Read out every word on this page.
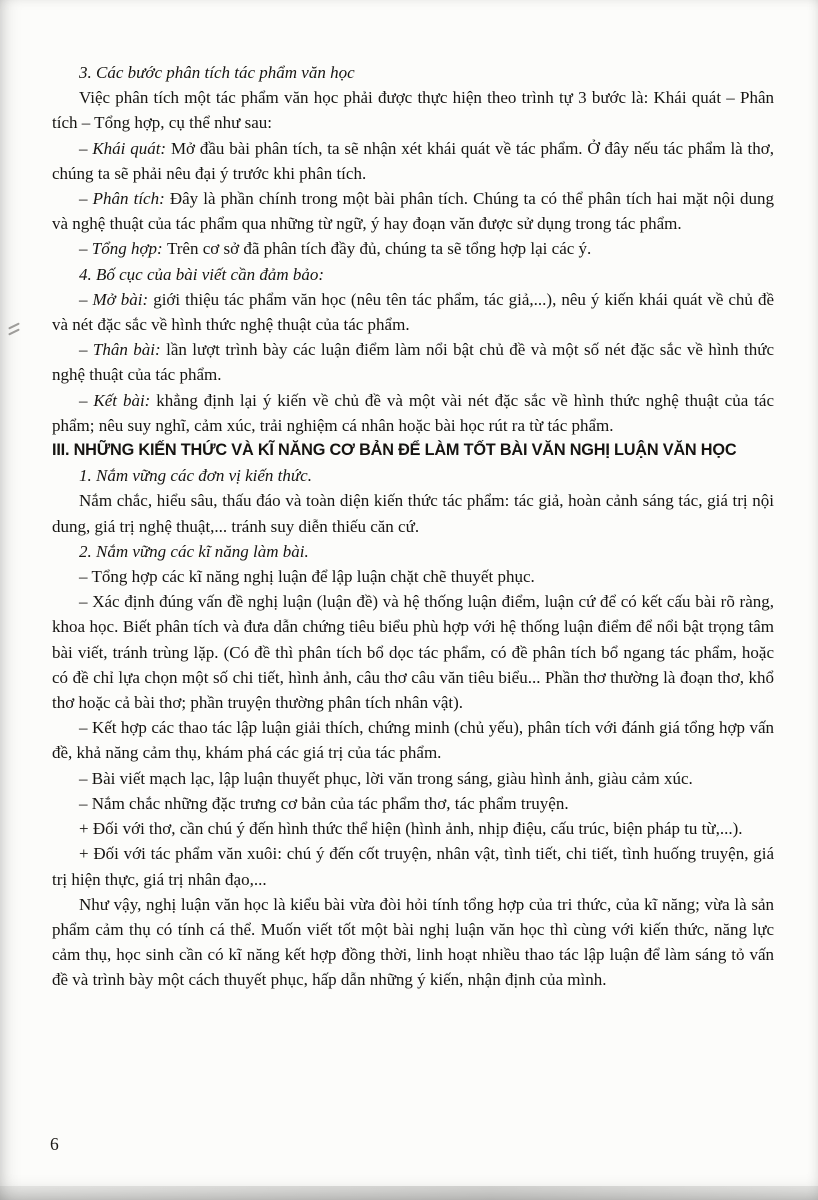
3. Các bước phân tích tác phẩm văn học

Việc phân tích một tác phẩm văn học phải được thực hiện theo trình tự 3 bước là: Khái quát – Phân tích – Tổng hợp, cụ thể như sau:

– Khái quát: Mở đầu bài phân tích, ta sẽ nhận xét khái quát về tác phẩm. Ở đây nếu tác phẩm là thơ, chúng ta sẽ phải nêu đại ý trước khi phân tích.

– Phân tích: Đây là phần chính trong một bài phân tích. Chúng ta có thể phân tích hai mặt nội dung và nghệ thuật của tác phẩm qua những từ ngữ, ý hay đoạn văn được sử dụng trong tác phẩm.

– Tổng hợp: Trên cơ sở đã phân tích đầy đủ, chúng ta sẽ tổng hợp lại các ý.

4. Bố cục của bài viết cần đảm bảo:

– Mở bài: giới thiệu tác phẩm văn học (nêu tên tác phẩm, tác giả,...), nêu ý kiến khái quát về chủ đề và nét đặc sắc về hình thức nghệ thuật của tác phẩm.

– Thân bài: lần lượt trình bày các luận điểm làm nổi bật chủ đề và một số nét đặc sắc về hình thức nghệ thuật của tác phẩm.

– Kết bài: khẳng định lại ý kiến về chủ đề và một vài nét đặc sắc về hình thức nghệ thuật của tác phẩm; nêu suy nghĩ, cảm xúc, trải nghiệm cá nhân hoặc bài học rút ra từ tác phẩm.

III. NHỮNG KIẾN THỨC VÀ KĨ NĂNG CƠ BẢN ĐỂ LÀM TỐT BÀI VĂN NGHỊ LUẬN VĂN HỌC

1. Nắm vững các đơn vị kiến thức.

Nắm chắc, hiểu sâu, thấu đáo và toàn diện kiến thức tác phẩm: tác giả, hoàn cảnh sáng tác, giá trị nội dung, giá trị nghệ thuật,... tránh suy diễn thiếu căn cứ.

2. Nắm vững các kĩ năng làm bài.

– Tổng hợp các kĩ năng nghị luận để lập luận chặt chẽ thuyết phục.

– Xác định đúng vấn đề nghị luận (luận đề) và hệ thống luận điểm, luận cứ để có kết cấu bài rõ ràng, khoa học. Biết phân tích và đưa dẫn chứng tiêu biểu phù hợp với hệ thống luận điểm để nổi bật trọng tâm bài viết, tránh trùng lặp. (Có đề thì phân tích bổ dọc tác phẩm, có đề phân tích bổ ngang tác phẩm, hoặc có đề chỉ lựa chọn một số chi tiết, hình ảnh, câu thơ câu văn tiêu biểu... Phần thơ thường là đoạn thơ, khổ thơ hoặc cả bài thơ; phần truyện thường phân tích nhân vật).

– Kết hợp các thao tác lập luận giải thích, chứng minh (chủ yếu), phân tích với đánh giá tổng hợp vấn đề, khả năng cảm thụ, khám phá các giá trị của tác phẩm.

– Bài viết mạch lạc, lập luận thuyết phục, lời văn trong sáng, giàu hình ảnh, giàu cảm xúc.

– Nắm chắc những đặc trưng cơ bản của tác phẩm thơ, tác phẩm truyện.

+ Đối với thơ, cần chú ý đến hình thức thể hiện (hình ảnh, nhịp điệu, cấu trúc, biện pháp tu từ,...).

+ Đối với tác phẩm văn xuôi: chú ý đến cốt truyện, nhân vật, tình tiết, chi tiết, tình huống truyện, giá trị hiện thực, giá trị nhân đạo,...

Như vậy, nghị luận văn học là kiểu bài vừa đòi hỏi tính tổng hợp của tri thức, của kĩ năng; vừa là sản phẩm cảm thụ có tính cá thể. Muốn viết tốt một bài nghị luận văn học thì cùng với kiến thức, năng lực cảm thụ, học sinh cần có kĩ năng kết hợp đồng thời, linh hoạt nhiều thao tác lập luận để làm sáng tỏ vấn đề và trình bày một cách thuyết phục, hấp dẫn những ý kiến, nhận định của mình.

6
